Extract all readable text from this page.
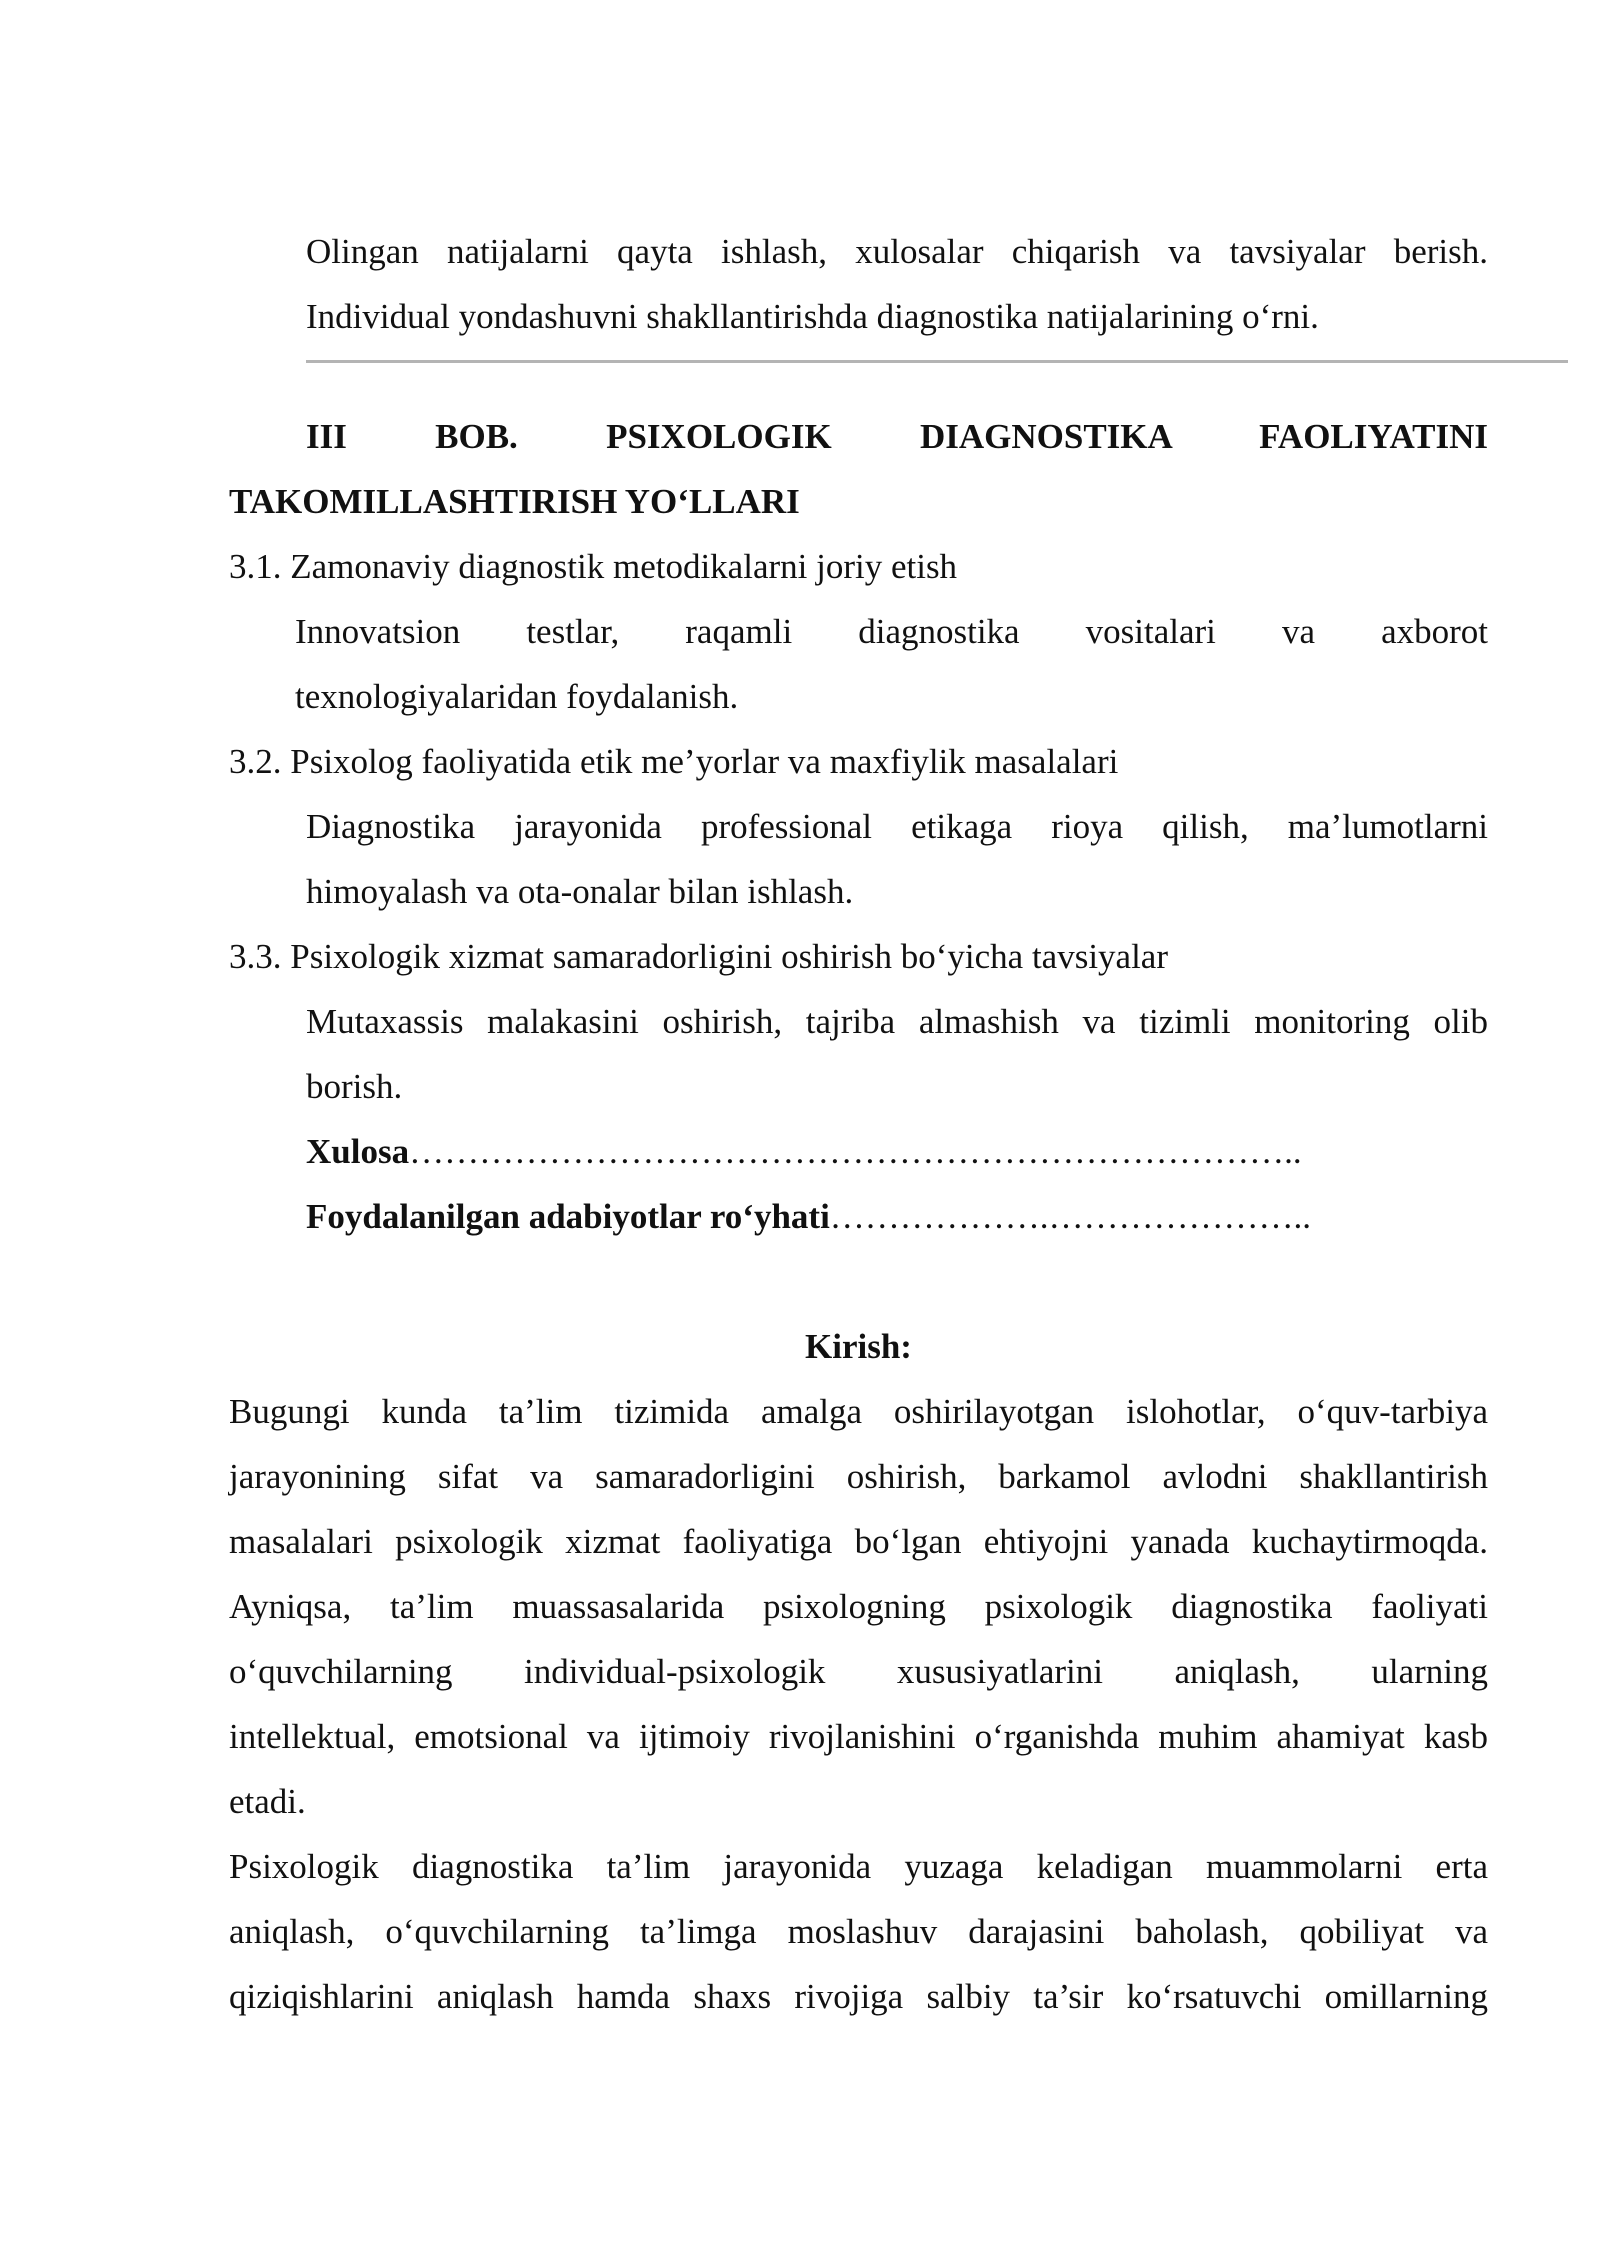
Olingan natijalarni qayta ishlash, xulosalar chiqarish va tavsiyalar berish.
Individual yondashuvni shakllantirishda diagnostika natijalarining o‘rni.
III BOB. PSIXOLOGIK DIAGNOSTIKA FAOLIYATINI
TAKOMILLASHTIRISH YO‘LLARI
3.1. Zamonaviy diagnostik metodikalarni joriy etish
Innovatsion testlar, raqamli diagnostika vositalari va axborot
texnologiyalaridan foydalanish.
3.2. Psixolog faoliyatida etik me’yorlar va maxfiylik masalalari
Diagnostika jarayonida professional etikaga rioya qilish, ma’lumotlarni
himoyalash va ota-onalar bilan ishlash.
3.3. Psixologik xizmat samaradorligini oshirish bo‘yicha tavsiyalar
Mutaxassis malakasini oshirish, tajriba almashish va tizimli monitoring olib
borish.
Xulosa…………………………………………………………………..
Foydalanilgan adabiyotlar ro‘yhati……………….…………………..
Kirish:
Bugungi kunda ta’lim tizimida amalga oshirilayotgan islohotlar, o‘quv-tarbiya
jarayonining sifat va samaradorligini oshirish, barkamol avlodni shakllantirish
masalalari psixologik xizmat faoliyatiga bo‘lgan ehtiyojni yanada kuchaytirmoqda.
Ayniqsa, ta’lim muassasalarida psixologning psixologik diagnostika faoliyati
o‘quvchilarning individual-psixologik xususiyatlarini aniqlash, ularning
intellektual, emotsional va ijtimoiy rivojlanishini o‘rganishda muhim ahamiyat kasb
etadi.
Psixologik diagnostika ta’lim jarayonida yuzaga keladigan muammolarni erta
aniqlash, o‘quvchilarning ta’limga moslashuv darajasini baholash, qobiliyat va
qiziqishlarini aniqlash hamda shaxs rivojiga salbiy ta’sir ko‘rsatuvchi omillarning
